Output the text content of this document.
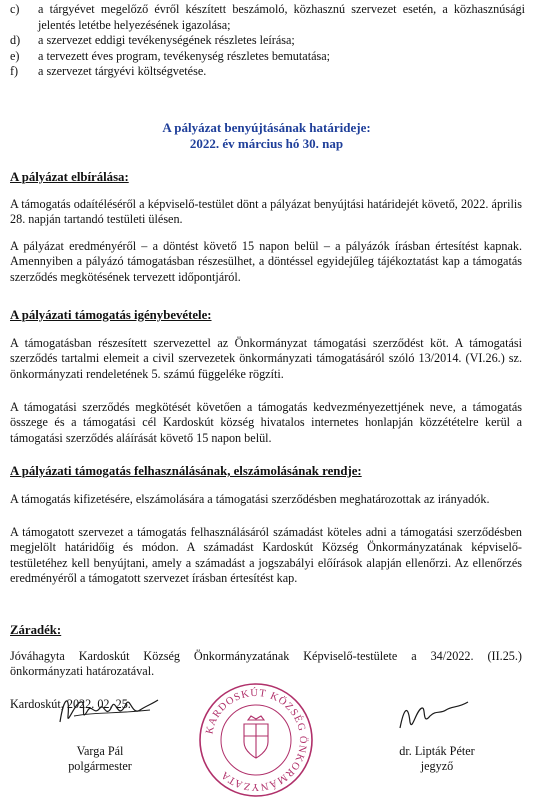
c)	a tárgyévet megelőző évről készített beszámoló, közhasznú szervezet esetén, a közhasznúsági jelentés letétbe helyezésének igazolása;
d)	a szervezet eddigi tevékenységének részletes leírása;
e)	a tervezett éves program, tevékenység részletes bemutatása;
f)	a szervezet tárgyévi költségvetése.
A pályázat benyújtásának határideje:
2022. év március hó 30. nap
A pályázat elbírálása:
A támogatás odaítéléséről a képviselő-testület dönt a pályázat benyújtási határidejét követő, 2022. április 28. napján tartandó testületi ülésen.
A pályázat eredményéről – a döntést követő 15 napon belül – a pályázók írásban értesítést kapnak. Amennyiben a pályázó támogatásban részesülhet, a döntéssel egyidejűleg tájékoztatást kap a támogatás szerződés megkötésének tervezett időpontjáról.
A pályázati támogatás igénybevétele:
A támogatásban részesített szervezettel az Önkormányzat támogatási szerződést köt. A támogatási szerződés tartalmi elemeit a civil szervezetek önkormányzati támogatásáról szóló 13/2014. (VI.26.) sz. önkormányzati rendeletének 5. számú függeléke rögzíti.
A támogatási szerződés megkötését követően a támogatás kedvezményezettjének neve, a támogatás összege és a támogatási cél Kardoskút község hivatalos internetes honlapján közzétételre kerül a támogatási szerződés aláírását követő 15 napon belül.
A pályázati támogatás felhasználásának, elszámolásának rendje:
A támogatás kifizetésére, elszámolására a támogatási szerződésben meghatározottak az irányadók.
A támogatott szervezet a támogatás felhasználásáról számadást köteles adni a támogatási szerződésben megjelölt határidőig és módon. A számadást Kardoskút Község Önkormányzatának képviselő-testületéhez kell benyújtani, amely a számadást a jogszabályi előírások alapján ellenőrzi. Az ellenőrzés eredményéről a támogatott szervezet írásban értesítést kap.
Záradék:
Jóváhagyta Kardoskút Község Önkormányzatának Képviselő-testülete a 34/2022. (II.25.) önkormányzati határozatával.
Kardoskút, 2022. 02. 25.
KARDOSKÚT KÖZSÉG ÖNKORMÁNYZATA
Varga Pál
polgármester
dr. Lipták Péter
jegyző
